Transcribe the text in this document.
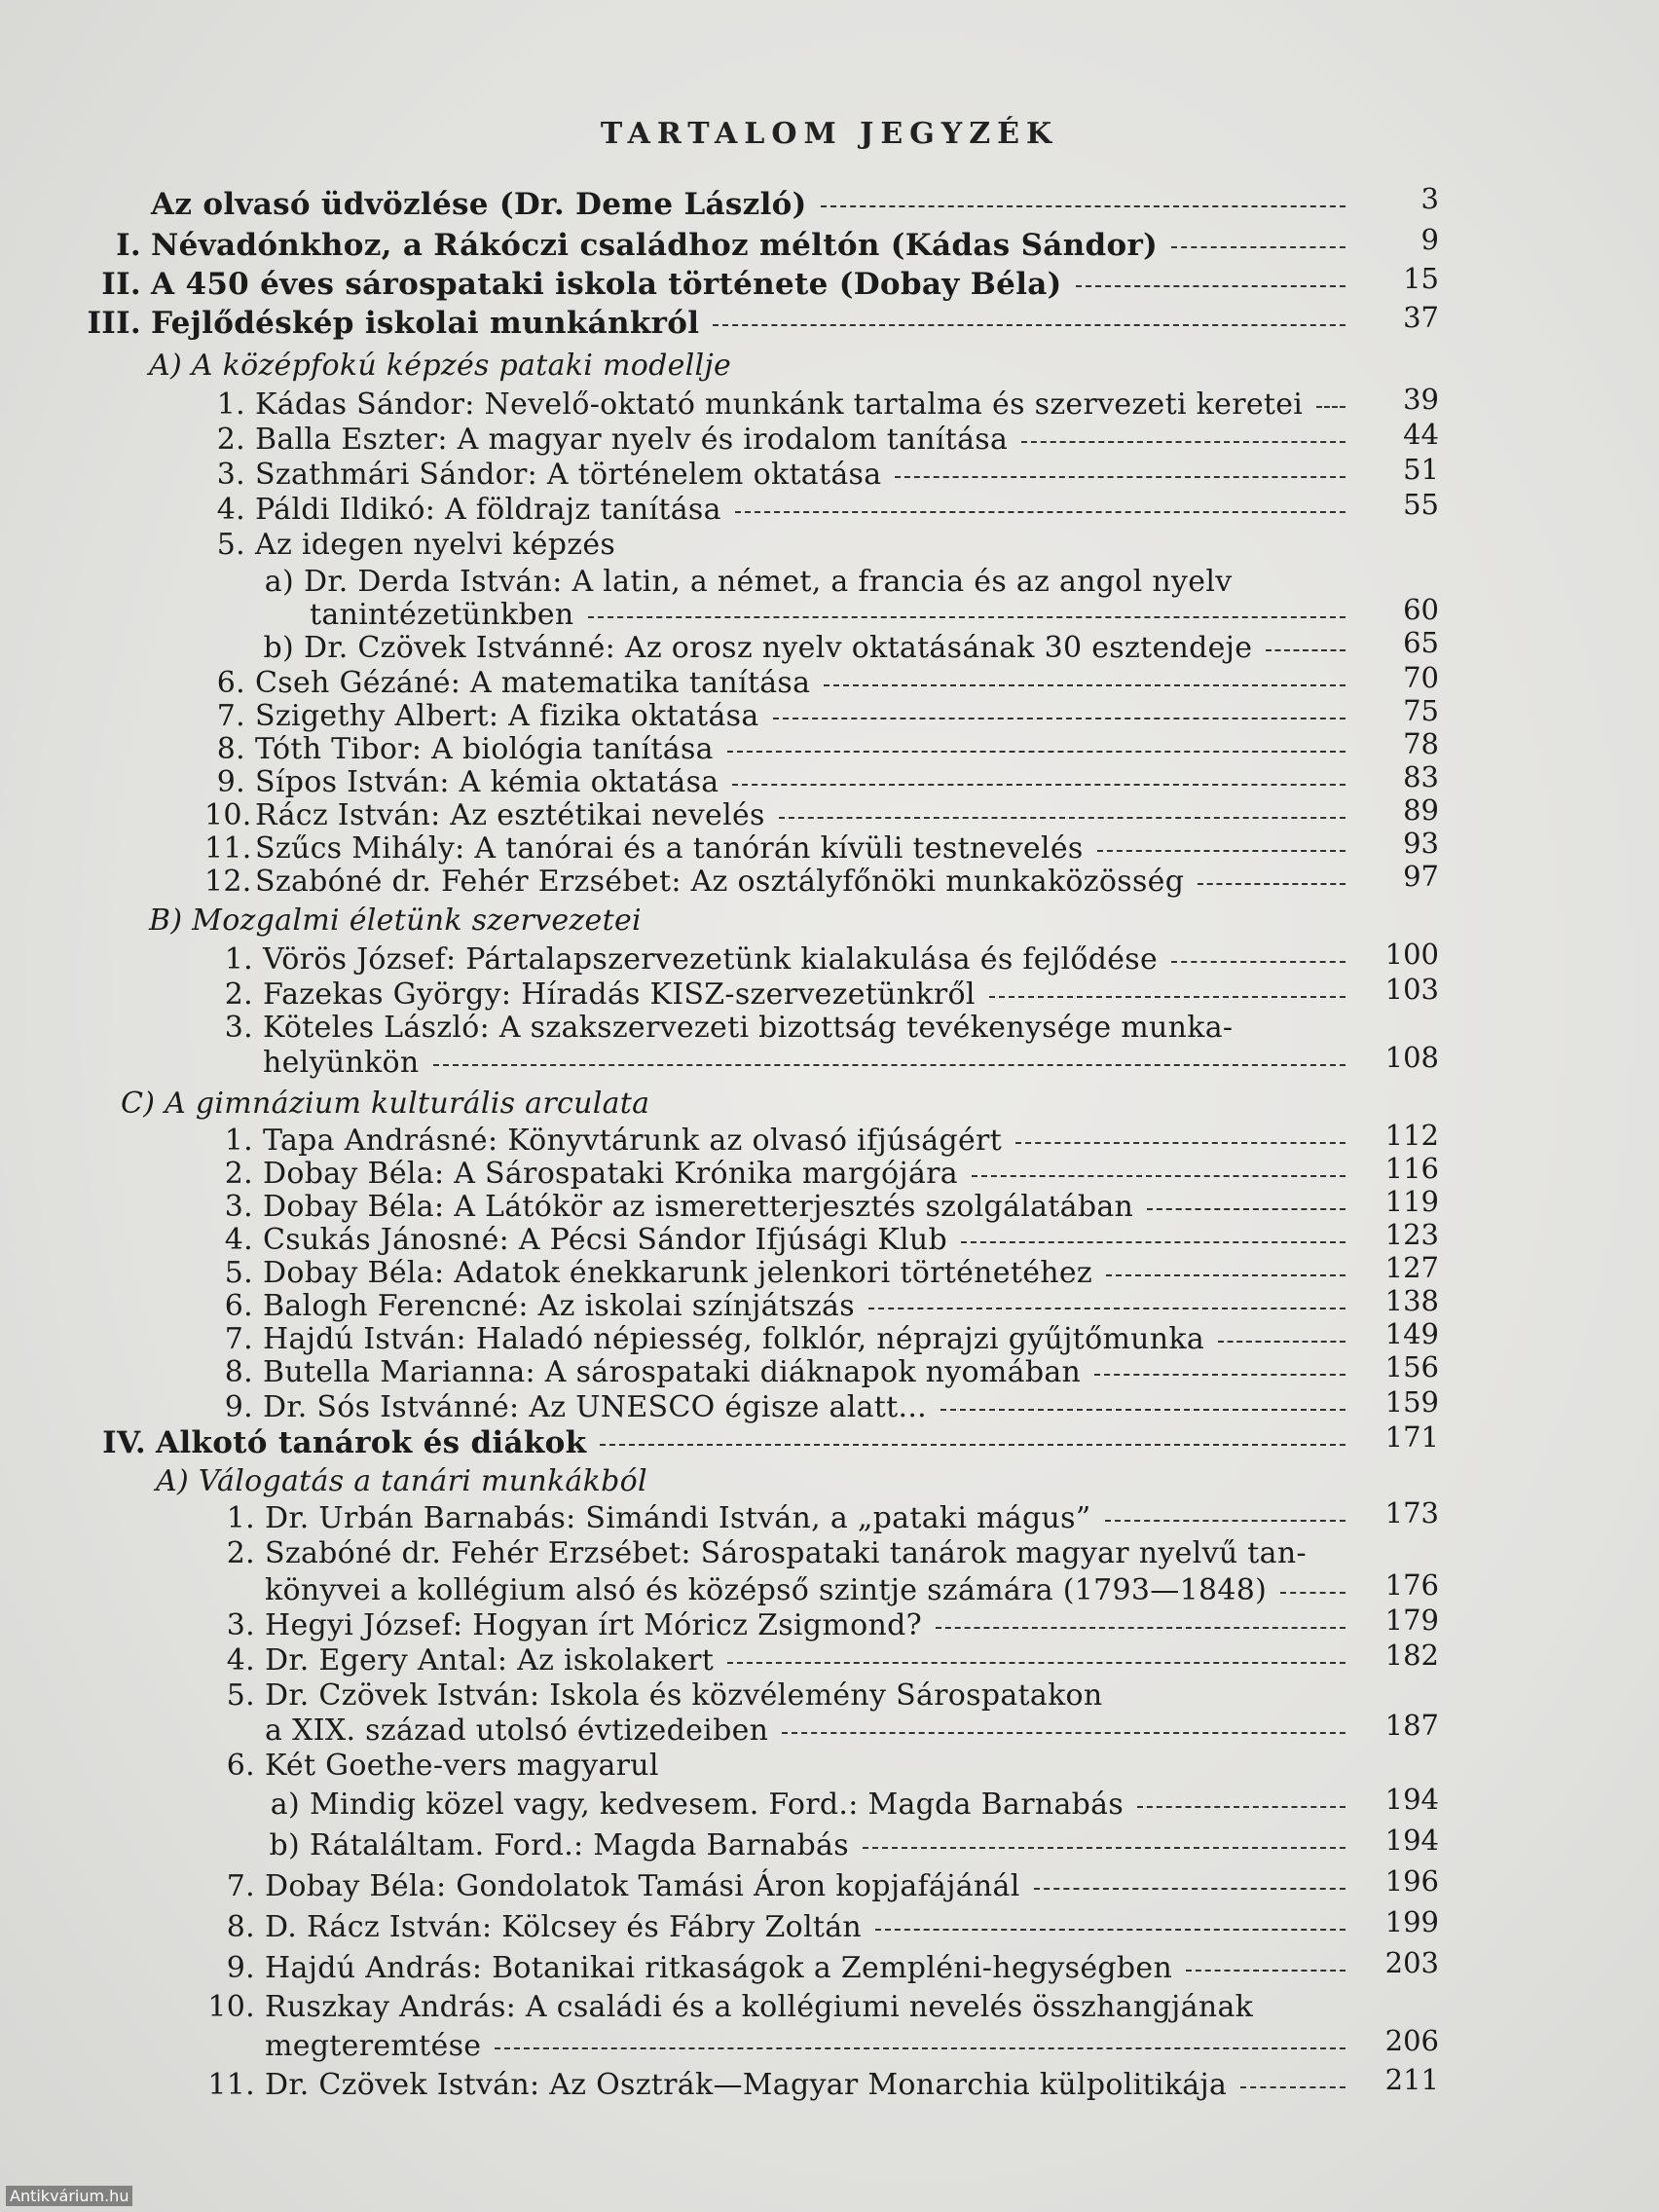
TARTALOM JEGYZÉK
3
Az olvasó üdvözlése (Dr. Deme László)
9
I. Névadónkhoz, a Rákóczi családhoz méltón (Kádas Sándor)
15
II. A 450 éves sárospataki iskola története (Dobay Béla)
37
III. Fejlődéskép iskolai munkánkról
A) A középfokú képzés pataki modellje
39
1. Kádas Sándor: Nevelő-oktató munkánk tartalma és szervezeti keretei
44
2. Balla Eszter: A magyar nyelv és irodalom tanítása
51
3. Szathmári Sándor: A történelem oktatása
55
4. Páldi Ildikó: A földrajz tanítása
5. Az idegen nyelvi képzés
a) Dr. Derda István: A latin, a német, a francia és az angol nyelv
60
tanintézetünkben
65
b) Dr. Czövek Istvánné: Az orosz nyelv oktatásának 30 esztendeje
70
6. Cseh Gézáné: A matematika tanítása
75
7. Szigethy Albert: A fizika oktatása
78
8. Tóth Tibor: A biológia tanítása
83
9. Sípos István: A kémia oktatása
89
10. Rácz István: Az esztétikai nevelés
93
11. Szűcs Mihály: A tanórai és a tanórán kívüli testnevelés
97
12. Szabóné dr. Fehér Erzsébet: Az osztályfőnöki munkaközösség
B) Mozgalmi életünk szervezetei
100
1. Vörös József: Pártalapszervezetünk kialakulása és fejlődése
103
2. Fazekas György: Híradás KISZ-szervezetünkről
3. Köteles László: A szakszervezeti bizottság tevékenysége munka-
108
helyünkön
C) A gimnázium kulturális arculata
112
1. Tapa Andrásné: Könyvtárunk az olvasó ifjúságért
116
2. Dobay Béla: A Sárospataki Krónika margójára
119
3. Dobay Béla: A Látókör az ismeretterjesztés szolgálatában
123
4. Csukás Jánosné: A Pécsi Sándor Ifjúsági Klub
127
5. Dobay Béla: Adatok énekkarunk jelenkori történetéhez
138
6. Balogh Ferencné: Az iskolai színjátszás
149
7. Hajdú István: Haladó népiesség, folklór, néprajzi gyűjtőmunka
156
8. Butella Marianna: A sárospataki diáknapok nyomában
159
9. Dr. Sós Istvánné: Az UNESCO égisze alatt...
171
IV. Alkotó tanárok és diákok
A) Válogatás a tanári munkákból
173
1. Dr. Urbán Barnabás: Simándi István, a „pataki mágus”
2. Szabóné dr. Fehér Erzsébet: Sárospataki tanárok magyar nyelvű tan-
176
könyvei a kollégium alsó és középső szintje számára (1793—1848)
179
3. Hegyi József: Hogyan írt Móricz Zsigmond?
182
4. Dr. Egery Antal: Az iskolakert
5. Dr. Czövek István: Iskola és közvélemény Sárospatakon
187
a XIX. század utolsó évtizedeiben
6. Két Goethe-vers magyarul
194
a) Mindig közel vagy, kedvesem. Ford.: Magda Barnabás
194
b) Rátaláltam. Ford.: Magda Barnabás
196
7. Dobay Béla: Gondolatok Tamási Áron kopjafájánál
199
8. D. Rácz István: Kölcsey és Fábry Zoltán
203
9. Hajdú András: Botanikai ritkaságok a Zempléni-hegységben
10. Ruszkay András: A családi és a kollégiumi nevelés összhangjának
206
megteremtése
211
11. Dr. Czövek István: Az Osztrák—Magyar Monarchia külpolitikája
Antikvárium.hu
